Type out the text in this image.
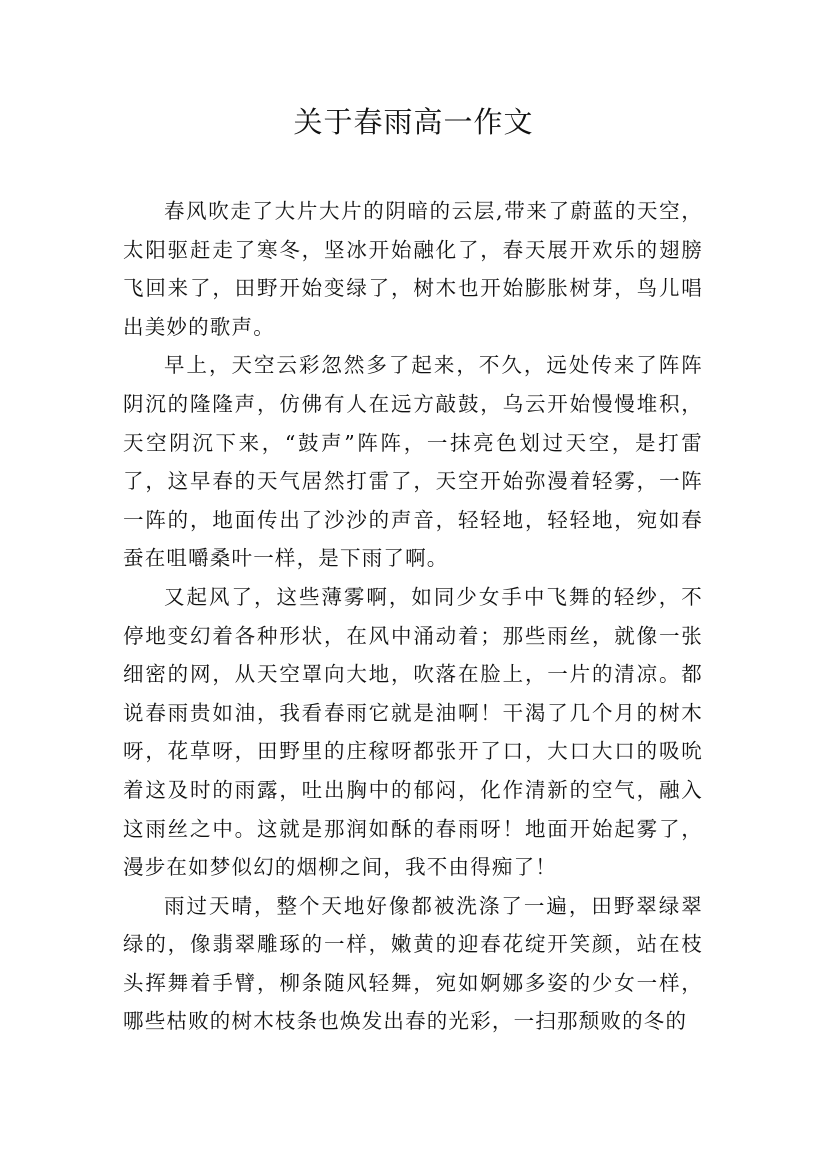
关于春雨高一作文

春风吹走了大片大片的阴暗的云层,带来了蔚蓝的天空，太阳驱赶走了寒冬，坚冰开始融化了，春天展开欢乐的翅膀飞回来了，田野开始变绿了，树木也开始膨胀树芽，鸟儿唱出美妙的歌声。

早上，天空云彩忽然多了起来，不久，远处传来了阵阵阴沉的隆隆声，仿佛有人在远方敲鼓，乌云开始慢慢堆积，天空阴沉下来，“鼓声”阵阵，一抹亮色划过天空，是打雷了，这早春的天气居然打雷了，天空开始弥漫着轻雾，一阵一阵的，地面传出了沙沙的声音，轻轻地，轻轻地，宛如春蚕在咀嚼桑叶一样，是下雨了啊。

又起风了，这些薄雾啊，如同少女手中飞舞的轻纱，不停地变幻着各种形状，在风中涌动着；那些雨丝，就像一张细密的网，从天空罩向大地，吹落在脸上，一片的清凉。都说春雨贵如油，我看春雨它就是油啊！干渴了几个月的树木呀，花草呀，田野里的庄稼呀都张开了口，大口大口的吸吮着这及时的雨露，吐出胸中的郁闷，化作清新的空气，融入这雨丝之中。这就是那润如酥的春雨呀！地面开始起雾了，漫步在如梦似幻的烟柳之间，我不由得痴了！

雨过天晴，整个天地好像都被洗涤了一遍，田野翠绿翠绿的，像翡翠雕琢的一样，嫩黄的迎春花绽开笑颜，站在枝头挥舞着手臂，柳条随风轻舞，宛如婀娜多姿的少女一样，哪些枯败的树木枝条也焕发出春的光彩，一扫那颓败的冬的
